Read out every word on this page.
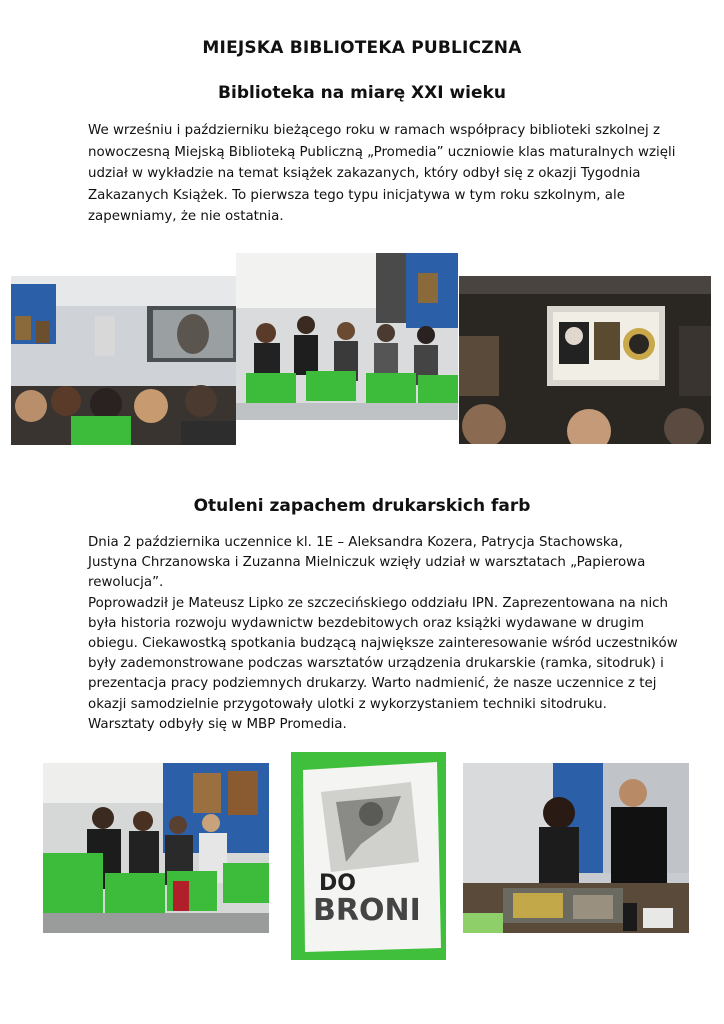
MIEJSKA BIBLIOTEKA PUBLICZNA
Biblioteka na miarę XXI wieku
We wrześniu i październiku bieżącego roku w ramach współpracy biblioteki szkolnej z
nowoczesną Miejską Biblioteką Publiczną „Promedia” uczniowie klas maturalnych wzięli
udział w wykładzie na temat książek zakazanych, który odbył się z okazji Tygodnia
Zakazanych Książek. To pierwsza tego typu inicjatywa w tym roku szkolnym, ale
zapewniamy, że nie ostatnia.
Otuleni zapachem drukarskich farb
Dnia 2 października uczennice kl. 1E – Aleksandra Kozera, Patrycja Stachowska,
Justyna Chrzanowska i Zuzanna Mielniczuk wzięły udział w warsztatach „Papierowa
rewolucja”.
Poprowadził je Mateusz Lipko ze szczecińskiego oddziału IPN. Zaprezentowana na nich
była historia rozwoju wydawnictw bezdebitowych oraz książki wydawane w drugim
obiegu. Ciekawostką spotkania budzącą największe zainteresowanie wśród uczestników
były zademonstrowane podczas warsztatów urządzenia drukarskie (ramka, sitodruk) i
prezentacja pracy podziemnych drukarzy. Warto nadmienić, że nasze uczennice z tej
okazji samodzielnie przygotowały ulotki z wykorzystaniem techniki sitodruku.
Warsztaty odbyły się w MBP Promedia.
DO
BRONI
